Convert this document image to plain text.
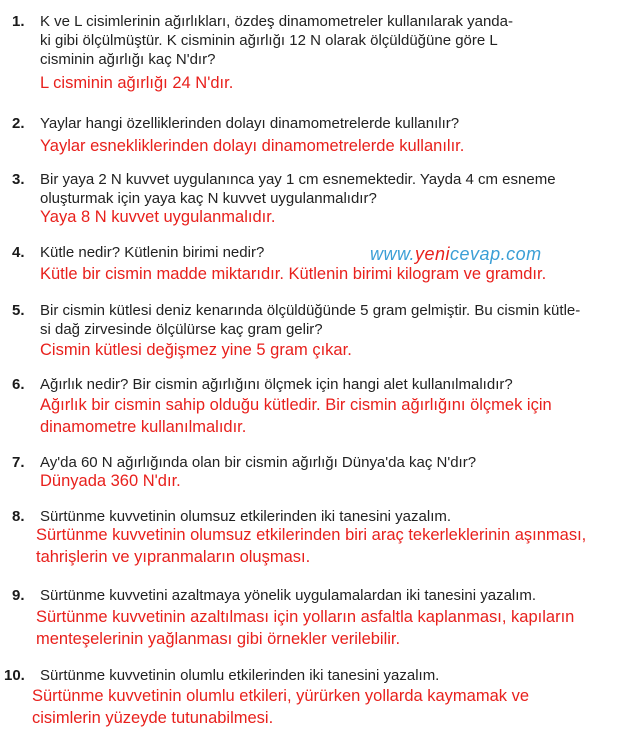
1. K ve L cisimlerinin ağırlıkları, özdeş dinamometreler kullanılarak yanda-
ki gibi ölçülmüştür. K cisminin ağırlığı 12 N olarak ölçüldüğüne göre L
cisminin ağırlığı kaç N'dır?
L cisminin ağırlığı 24 N'dır.
2. Yaylar hangi özelliklerinden dolayı dinamometrelerde kullanılır?
Yaylar esnekliklerinden dolayı dinamometrelerde kullanılır.
3. Bir yaya 2 N kuvvet uygulanınca yay 1 cm esnemektedir. Yayda 4 cm esneme
oluşturmak için yaya kaç N kuvvet uygulanmalıdır?
Yaya 8 N kuvvet uygulanmalıdır.
www.yenicevap.com
4. Kütle nedir? Kütlenin birimi nedir?
Kütle bir cismin madde miktarıdır. Kütlenin birimi kilogram ve gramdır.
5. Bir cismin kütlesi deniz kenarında ölçüldüğünde 5 gram gelmiştir. Bu cismin kütle-
si dağ zirvesinde ölçülürse kaç gram gelir?
Cismin kütlesi değişmez yine 5 gram çıkar.
6. Ağırlık nedir? Bir cismin ağırlığını ölçmek için hangi alet kullanılmalıdır?
Ağırlık bir cismin sahip olduğu kütledir. Bir cismin ağırlığını ölçmek için
dinamometre kullanılmalıdır.
7. Ay'da 60 N ağırlığında olan bir cismin ağırlığı Dünya'da kaç N'dır?
Dünyada 360 N'dır.
8. Sürtünme kuvvetinin olumsuz etkilerinden iki tanesini yazalım.
Sürtünme kuvvetinin olumsuz etkilerinden biri araç tekerleklerinin aşınması,
tahrişlerin ve yıpranmaların oluşması.
9. Sürtünme kuvvetini azaltmaya yönelik uygulamalardan iki tanesini yazalım.
Sürtünme kuvvetinin azaltılması için yolların asfaltla kaplanması, kapıların
menteşelerinin yağlanması gibi örnekler verilebilir.
10. Sürtünme kuvvetinin olumlu etkilerinden iki tanesini yazalım.
Sürtünme kuvvetinin olumlu etkileri, yürürken yollarda kaymamak ve
cisimlerin yüzeyde tutunabilmesi.
